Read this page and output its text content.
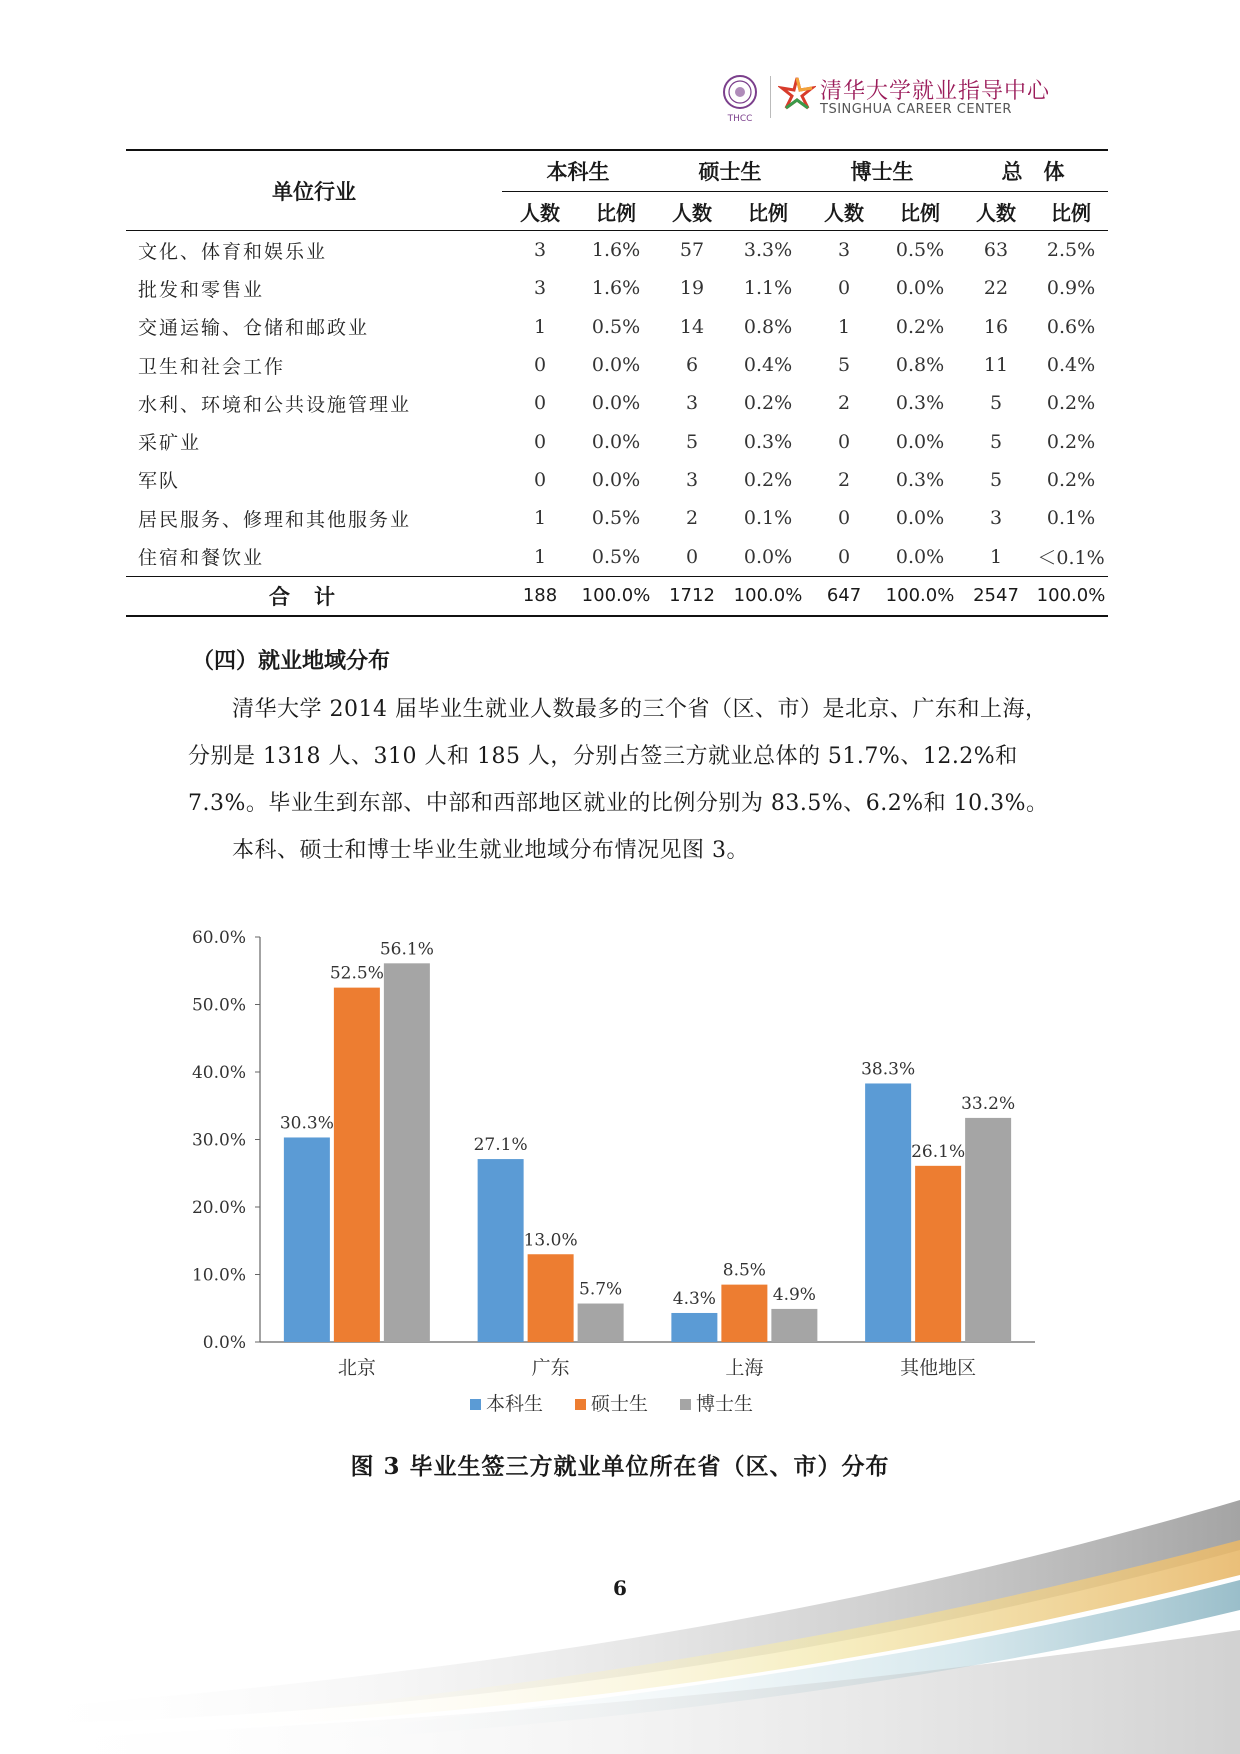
THCC
清华大学就业指导中心
TSINGHUA CAREER CENTER
单位行业	本科生		硕士生		博士生		总　体	
	人数	比例	人数	比例	人数	比例	人数	比例
文化、体育和娱乐业	3	1.6%	57	3.3%	3	0.5%	63	2.5%
批发和零售业	3	1.6%	19	1.1%	0	0.0%	22	0.9%
交通运输、仓储和邮政业	1	0.5%	14	0.8%	1	0.2%	16	0.6%
卫生和社会工作	0	0.0%	6	0.4%	5	0.8%	11	0.4%
水利、环境和公共设施管理业	0	0.0%	3	0.2%	2	0.3%	5	0.2%
采矿业	0	0.0%	5	0.3%	0	0.0%	5	0.2%
军队	0	0.0%	3	0.2%	2	0.3%	5	0.2%
居民服务、修理和其他服务业	1	0.5%	2	0.1%	0	0.0%	3	0.1%
住宿和餐饮业	1	0.5%	0	0.0%	0	0.0%	1	＜0.1%
合计	188	100.0%	1712	100.0%	647	100.0%	2547	100.0%
（四）就业地域分布
清华大学 2014 届毕业生就业人数最多的三个省（区、市）是北京、广东和上海，分别是 1318 人、310 人和 185 人，分别占签三方就业总体的 51.7%、12.2%和 7.3%。毕业生到东部、中部和西部地区就业的比例分别为 83.5%、6.2%和 10.3%。
本科、硕士和博士毕业生就业地域分布情况见图 3。
0.0%
10.0%
20.0%
30.0%
40.0%
50.0%
60.0%
30.3%
52.5%
56.1%
北京
27.1%
13.0%
5.7%
广东
4.3%
8.5%
4.9%
上海
38.3%
26.1%
33.2%
其他地区
本科生	硕士生	博士生
图 3 毕业生签三方就业单位所在省（区、市）分布
6
